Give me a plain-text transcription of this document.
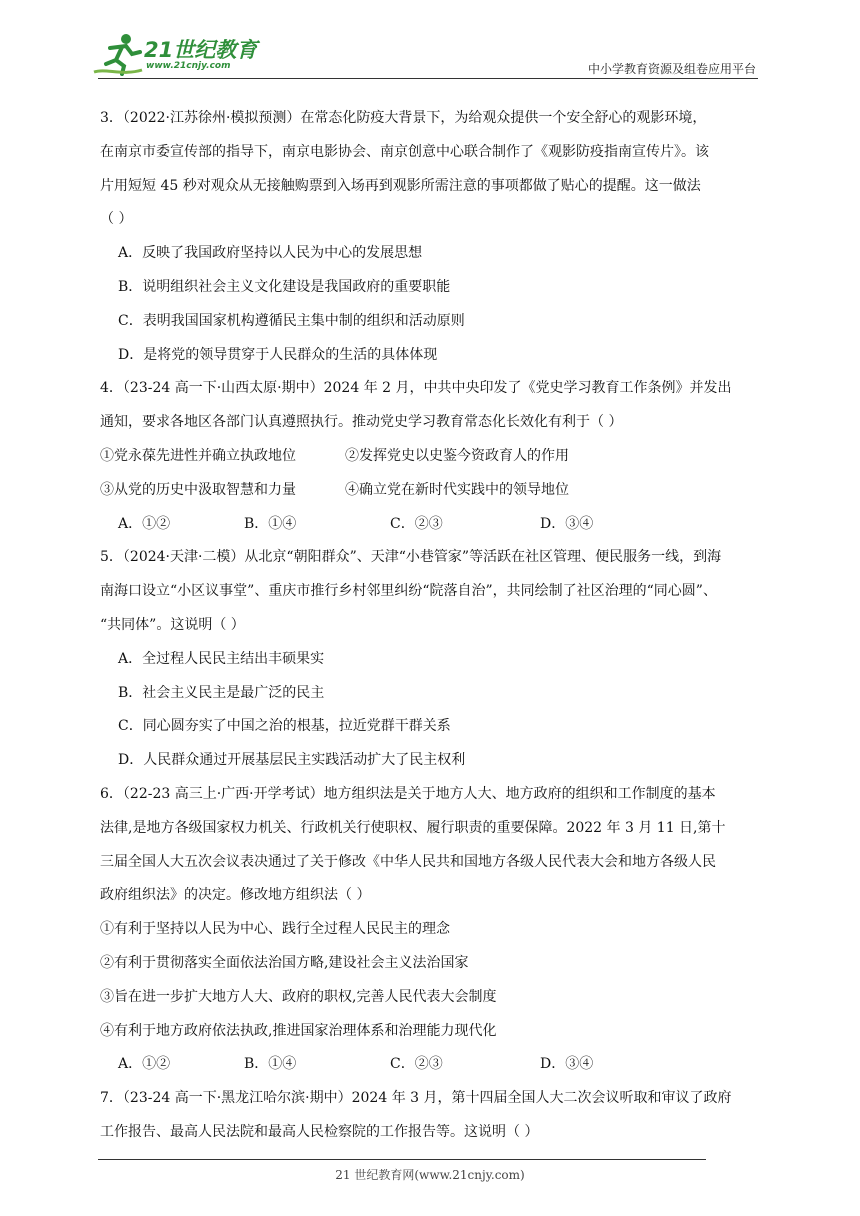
21世纪教育
www.21cnjy.com	中小学教育资源及组卷应用平台

3．（2022·江苏徐州·模拟预测）在常态化防疫大背景下，为给观众提供一个安全舒心的观影环境，

在南京市委宣传部的指导下，南京电影协会、南京创意中心联合制作了《观影防疫指南宣传片》。该

片用短短 45 秒对观众从无接触购票到入场再到观影所需注意的事项都做了贴心的提醒。这一做法

（ ）

A．反映了我国政府坚持以人民为中心的发展思想

B．说明组织社会主义文化建设是我国政府的重要职能

C．表明我国国家机构遵循民主集中制的组织和活动原则

D．是将党的领导贯穿于人民群众的生活的具体体现

4．（23-24 高一下·山西太原·期中）2024 年 2 月，中共中央印发了《党史学习教育工作条例》并发出

通知，要求各地区各部门认真遵照执行。推动党史学习教育常态化长效化有利于（ ）

①党永葆先进性并确立执政地位	②发挥党史以史鉴今资政育人的作用
③从党的历史中汲取智慧和力量	④确立党在新时代实践中的领导地位
A．①②	B．①④	C．②③	D．③④

5．（2024·天津·二模）从北京“朝阳群众”、天津“小巷管家”等活跃在社区管理、便民服务一线，到海

南海口设立“小区议事堂”、重庆市推行乡村邻里纠纷“院落自治”，共同绘制了社区治理的“同心圆”、

“共同体”。这说明（ ）

A．全过程人民民主结出丰硕果实

B．社会主义民主是最广泛的民主

C．同心圆夯实了中国之治的根基，拉近党群干群关系

D．人民群众通过开展基层民主实践活动扩大了民主权利

6．（22-23 高三上·广西·开学考试）地方组织法是关于地方人大、地方政府的组织和工作制度的基本

法律,是地方各级国家权力机关、行政机关行使职权、履行职责的重要保障。2022 年 3 月 11 日,第十

三届全国人大五次会议表决通过了关于修改《中华人民共和国地方各级人民代表大会和地方各级人民

政府组织法》的决定。修改地方组织法（ ）

①有利于坚持以人民为中心、践行全过程人民民主的理念

②有利于贯彻落实全面依法治国方略,建设社会主义法治国家

③旨在进一步扩大地方人大、政府的职权,完善人民代表大会制度

④有利于地方政府依法执政,推进国家治理体系和治理能力现代化

A．①②	B．①④	C．②③	D．③④

7．（23-24 高一下·黑龙江哈尔滨·期中）2024 年 3 月，第十四届全国人大二次会议听取和审议了政府

工作报告、最高人民法院和最高人民检察院的工作报告等。这说明（ ）

21 世纪教育网(www.21cnjy.com)
